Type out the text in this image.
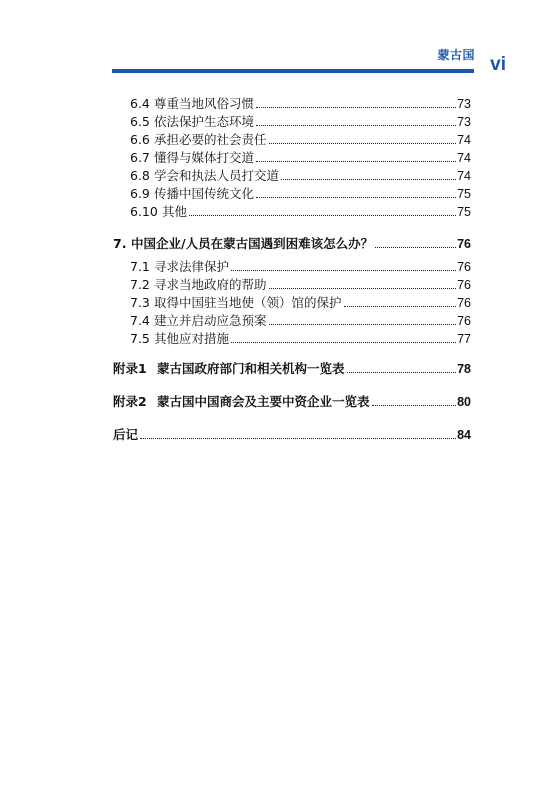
蒙古国 vi
6.4 尊重当地风俗习惯	73
6.5 依法保护生态环境	73
6.6 承担必要的社会责任	74
6.7 懂得与媒体打交道	74
6.8 学会和执法人员打交道	74
6.9 传播中国传统文化	75
6.10 其他	75
7. 中国企业/人员在蒙古国遇到困难该怎么办？	76
7.1 寻求法律保护	76
7.2 寻求当地政府的帮助	76
7.3 取得中国驻当地使（领）馆的保护	76
7.4 建立并启动应急预案	76
7.5 其他应对措施	77
附录1 蒙古国政府部门和相关机构一览表	78
附录2 蒙古国中国商会及主要中资企业一览表	80
后记	84
